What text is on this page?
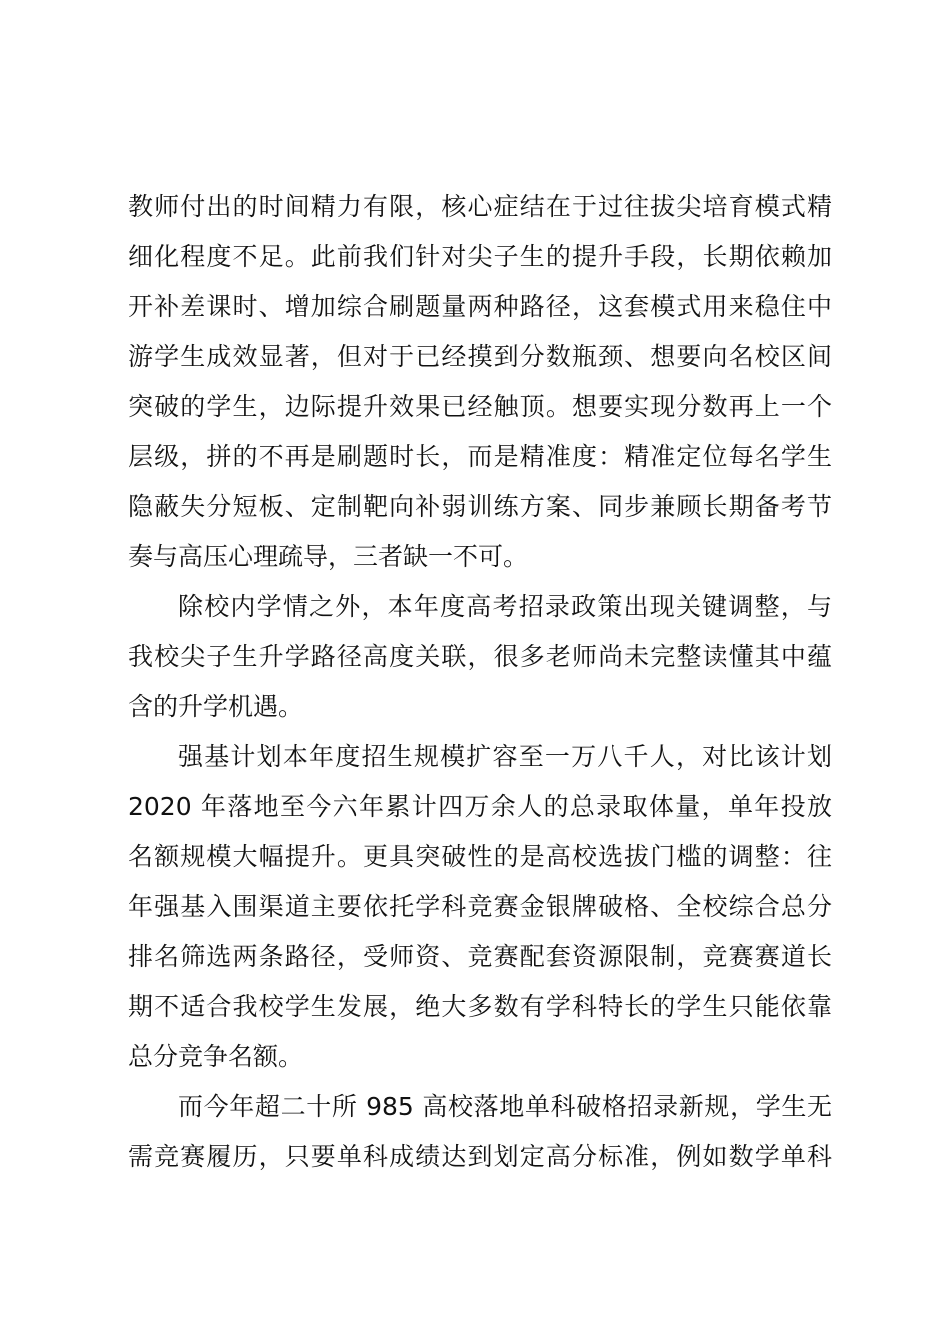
教师付出的时间精力有限，核心症结在于过往拔尖培育模式精
细化程度不足。此前我们针对尖子生的提升手段，长期依赖加
开补差课时、增加综合刷题量两种路径，这套模式用来稳住中
游学生成效显著，但对于已经摸到分数瓶颈、想要向名校区间
突破的学生，边际提升效果已经触顶。想要实现分数再上一个
层级，拼的不再是刷题时长，而是精准度：精准定位每名学生
隐蔽失分短板、定制靶向补弱训练方案、同步兼顾长期备考节
奏与高压心理疏导，三者缺一不可。
除校内学情之外，本年度高考招录政策出现关键调整，与
我校尖子生升学路径高度关联，很多老师尚未完整读懂其中蕴
含的升学机遇。
强基计划本年度招生规模扩容至一万八千人，对比该计划
2020 年落地至今六年累计四万余人的总录取体量，单年投放
名额规模大幅提升。更具突破性的是高校选拔门槛的调整：往
年强基入围渠道主要依托学科竞赛金银牌破格、全校综合总分
排名筛选两条路径，受师资、竞赛配套资源限制，竞赛赛道长
期不适合我校学生发展，绝大多数有学科特长的学生只能依靠
总分竞争名额。
而今年超二十所 985 高校落地单科破格招录新规，学生无
需竞赛履历，只要单科成绩达到划定高分标准，例如数学单科
